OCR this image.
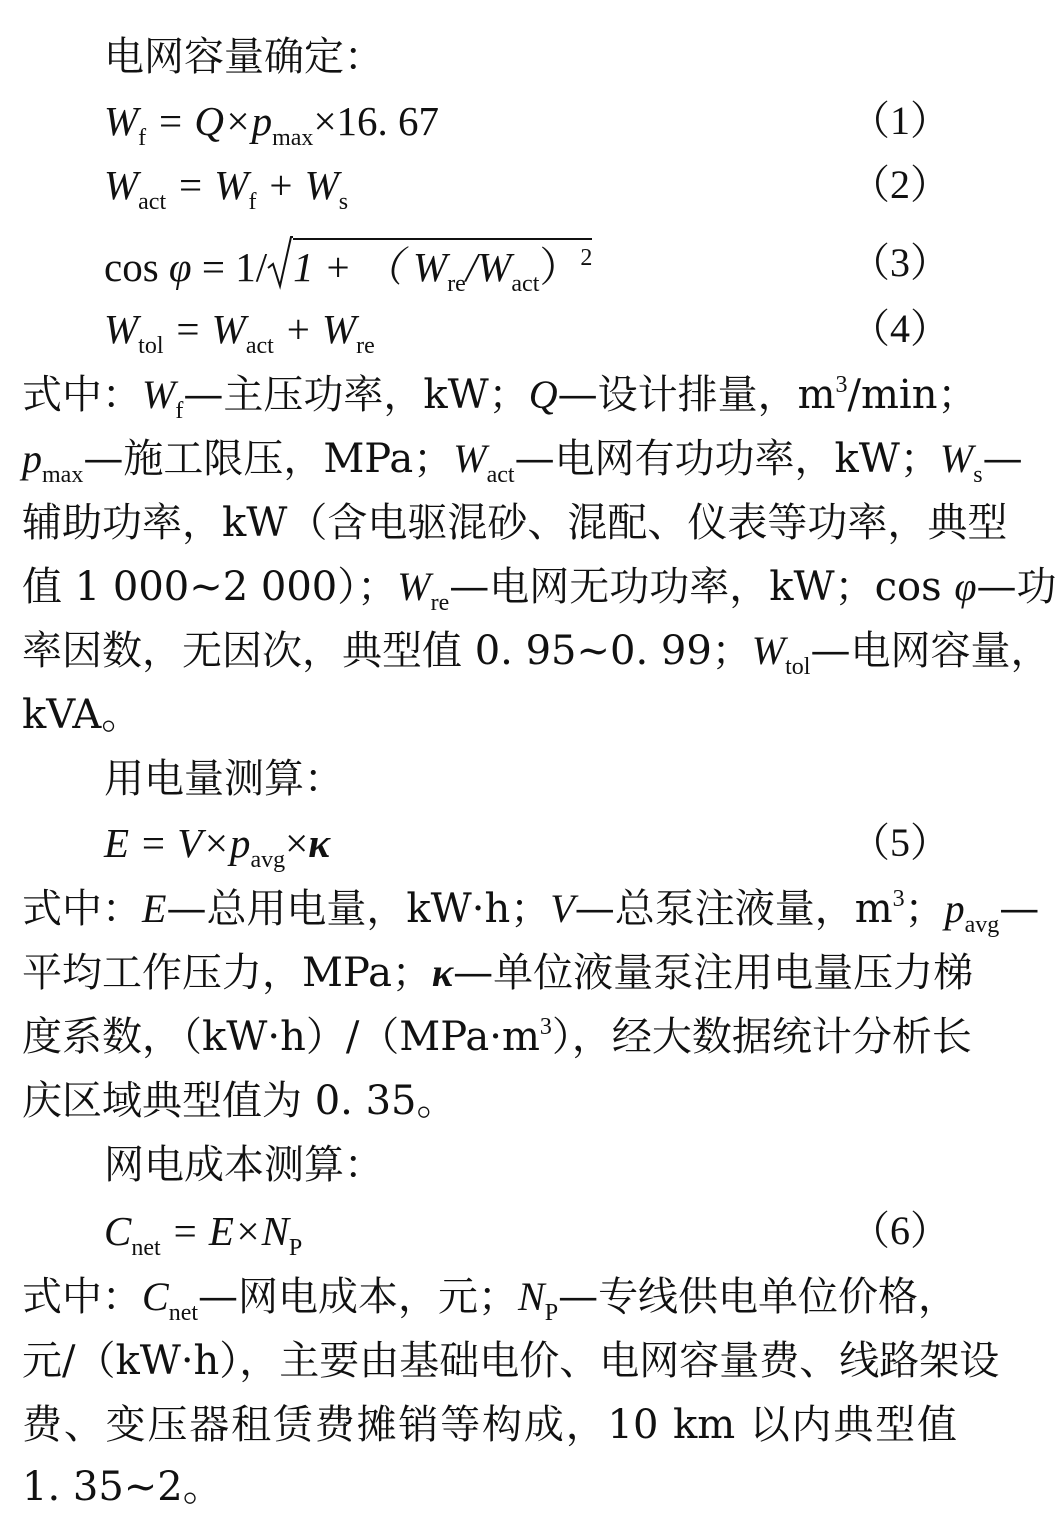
电网容量确定：
$W_f = Q\times p_{max}\times 16$. 67	（1）
$W_{act} = W_f + W_s$	（2）
cos φ = 1/ 1 + （ $W_{re}/W_{act})^2$	（3）
$W_{tol} = W_{act} + W_{re}$	（4）
式中：$W_f—$主压功率，kW；Q—设计排量，$m^3/\min$；
$p_{max}—$施工限压，MPa；$W_{act}—$电网有功功率，kW；$W_s—$
辅助功率，kW（含电驱混砂、混配、仪表等功率，典型
值 1 000~2 000）；$W_{re}—$电网无功功率，kW；cos φ—功
率因数，无因次，典型值 0. 95~0. 99；$W_{tol}—$电网容量，
kVA。
用电量测算：
$E = V\times p_{avg}\times\kappa$	（5）
式中：E—总用电量，kW·h；V—总泵注液量，$m^3$；$p_{avg}—$
平均工作压力，MPa；κ—单位液量泵注用电量压力梯
度系数，$(kW\cdot h)/(MPa\cdot m^3)$，经大数据统计分析长
庆区域典型值为 0. 35。
网电成本测算：
$C_{net} = E\times N_P$	（6）
式中：$C_{net}—$网电成本，元；$N_P—$专线供电单位价格，
元/（kW·h），主要由基础电价、电网容量费、线路架设
费、变压器租赁费摊销等构成，10 km 以内典型值
1. 35~2。
